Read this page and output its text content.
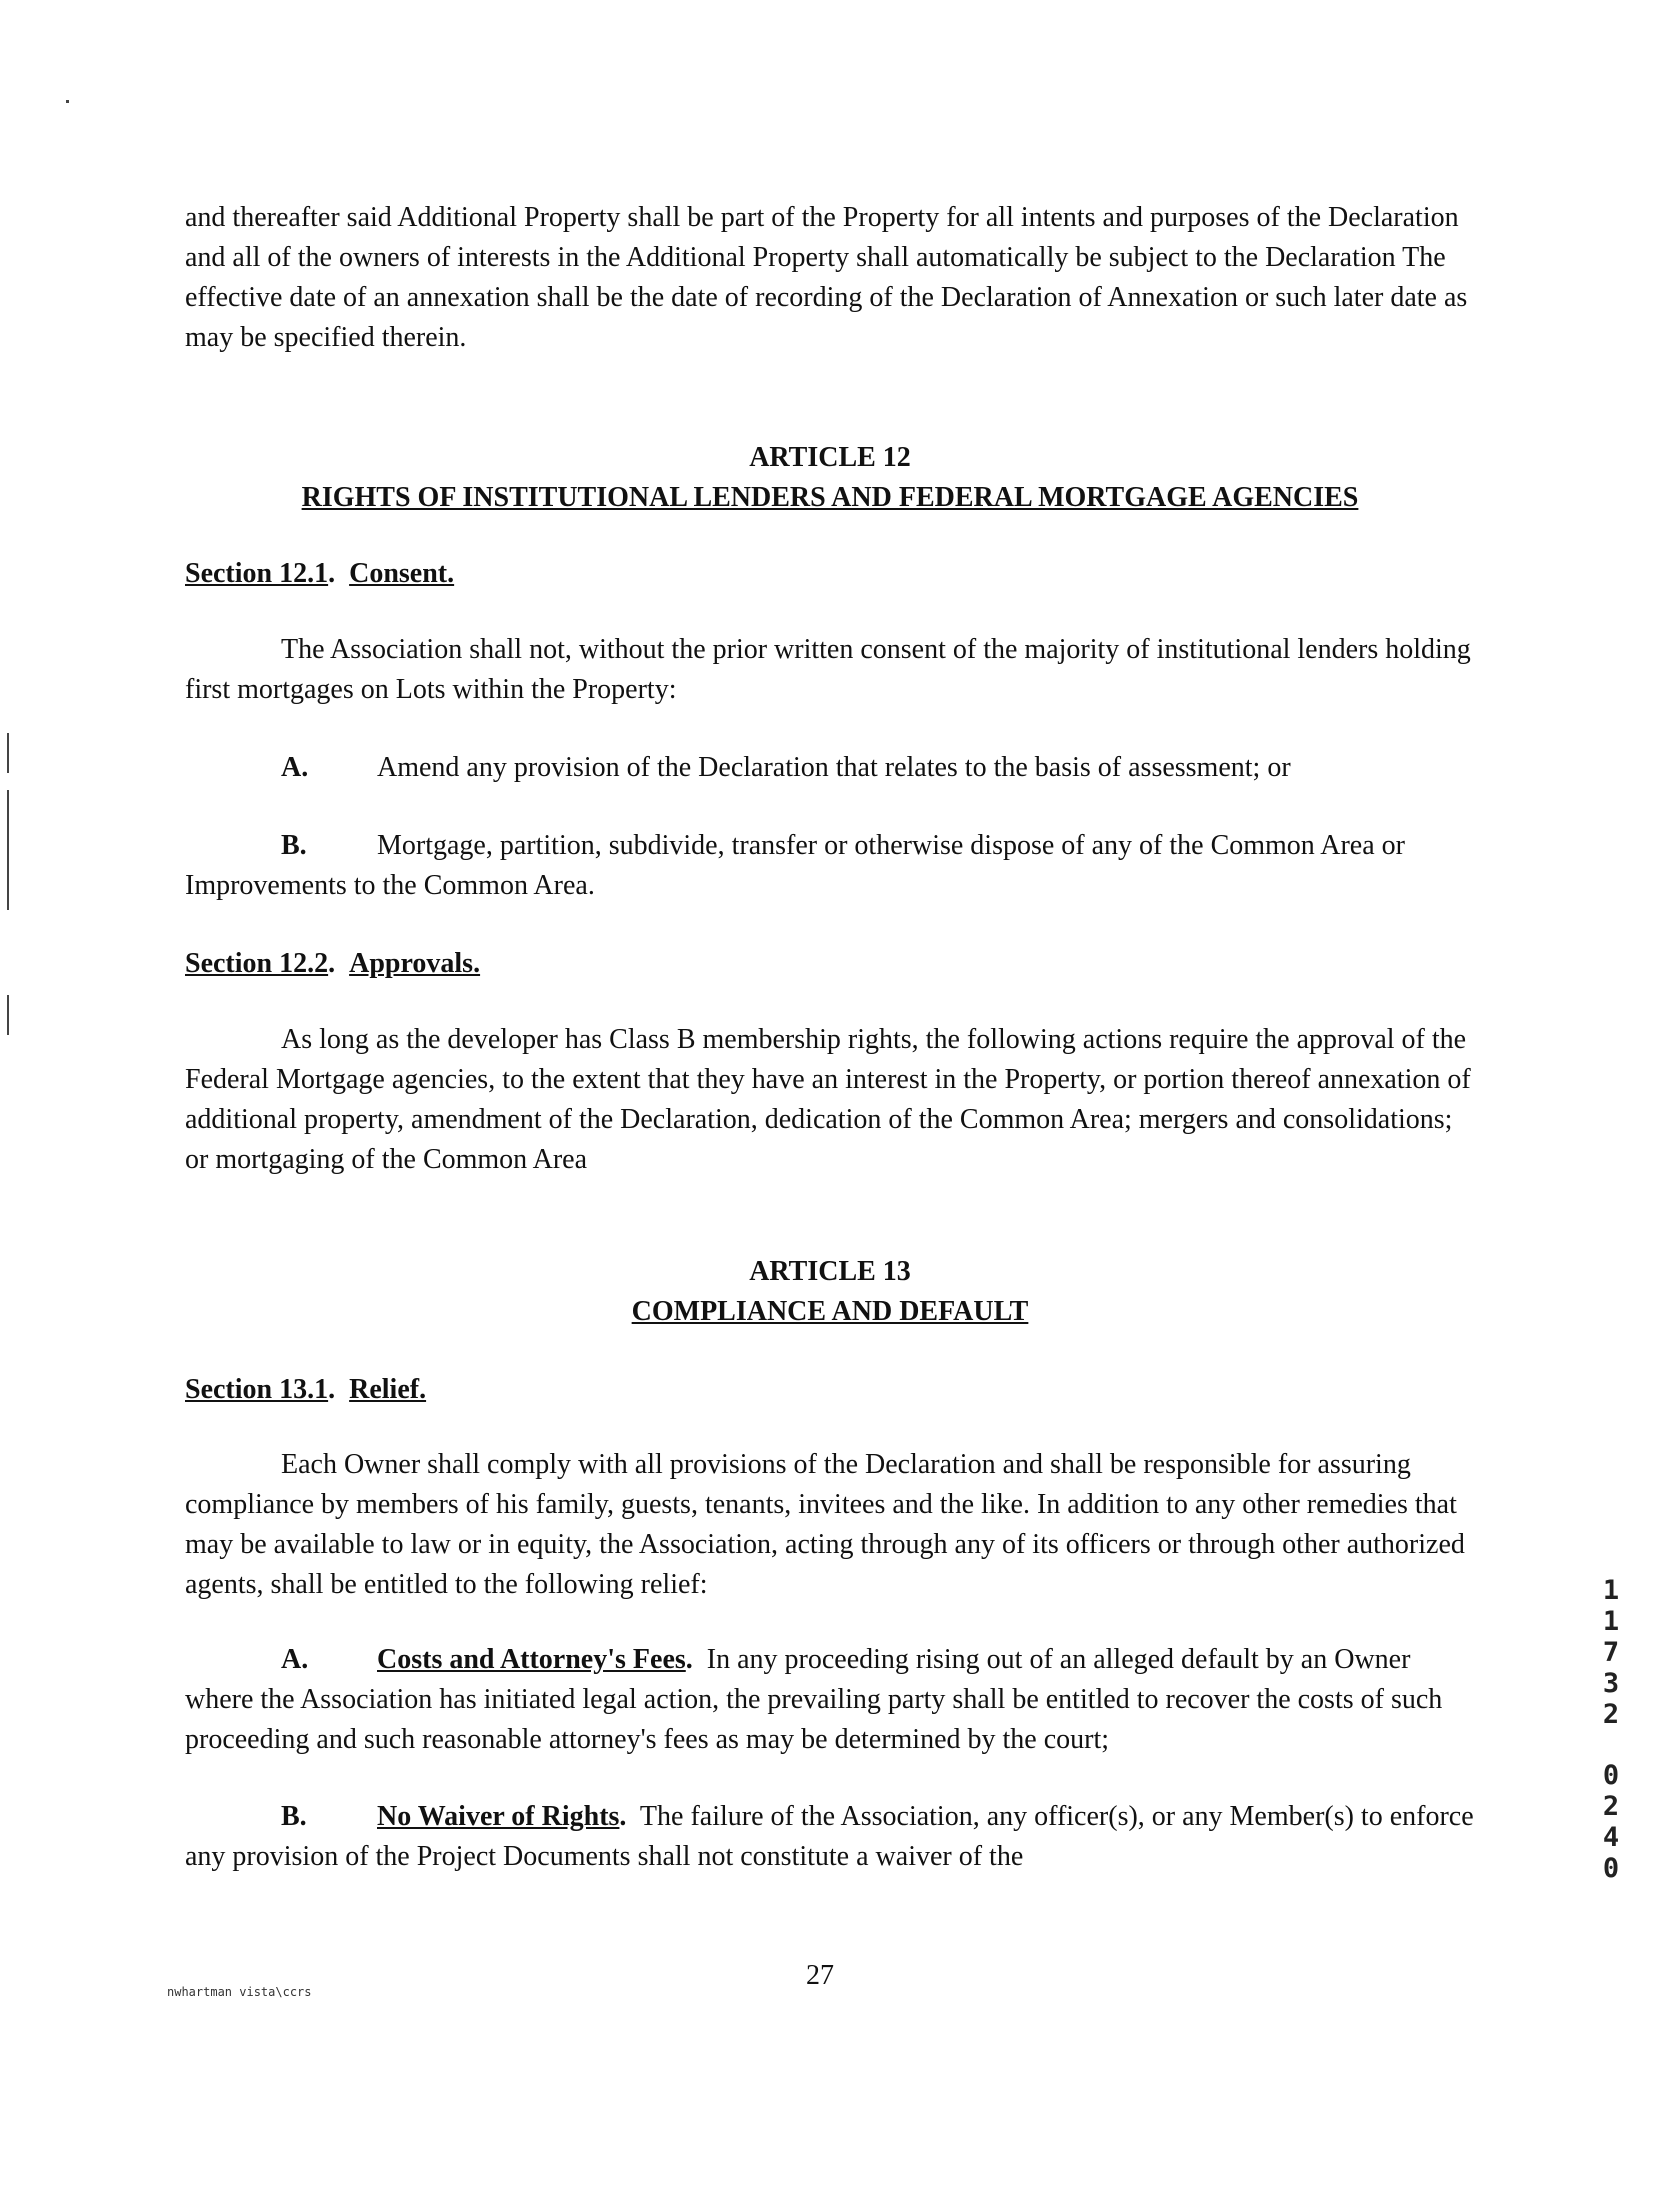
and thereafter said Additional Property shall be part of the Property for all intents and purposes of the Declaration and all of the owners of interests in the Additional Property shall automatically be subject to the Declaration The effective date of an annexation shall be the date of recording of the Declaration of Annexation or such later date as may be specified therein.

ARTICLE 12
RIGHTS OF INSTITUTIONAL LENDERS AND FEDERAL MORTGAGE AGENCIES

Section 12.1.  Consent.

The Association shall not, without the prior written consent of the majority of institutional lenders holding first mortgages on Lots within the Property:

A. Amend any provision of the Declaration that relates to the basis of assessment; or

B.	Mortgage, partition, subdivide, transfer or otherwise dispose of any of the Common Area or Improvements to the Common Area.

Section 12.2.  Approvals.

As long as the developer has Class B membership rights, the following actions require the approval of the Federal Mortgage agencies, to the extent that they have an interest in the Property, or portion thereof annexation of additional property, amendment of the Declaration, dedication of the Common Area; mergers and consolidations; or mortgaging of the Common Area

ARTICLE 13
COMPLIANCE AND DEFAULT

Section 13.1.  Relief.

Each Owner shall comply with all provisions of the Declaration and shall be responsible for assuring compliance by members of his family, guests, tenants, invitees and the like. In addition to any other remedies that may be available to law or in equity, the Association, acting through any of its officers or through other authorized agents, shall be entitled to the following relief:

A. Costs and Attorney's Fees. In any proceeding rising out of an alleged default by an Owner where the Association has initiated legal action, the prevailing party shall be entitled to recover the costs of such proceeding and such reasonable attorney's fees as may be determined by the court;

B.	No Waiver of Rights. The failure of the Association, any officer(s), or any Member(s) to enforce any provision of the Project Documents shall not constitute a waiver of the

nwhartman vista\ccrs
27
11732
0240
